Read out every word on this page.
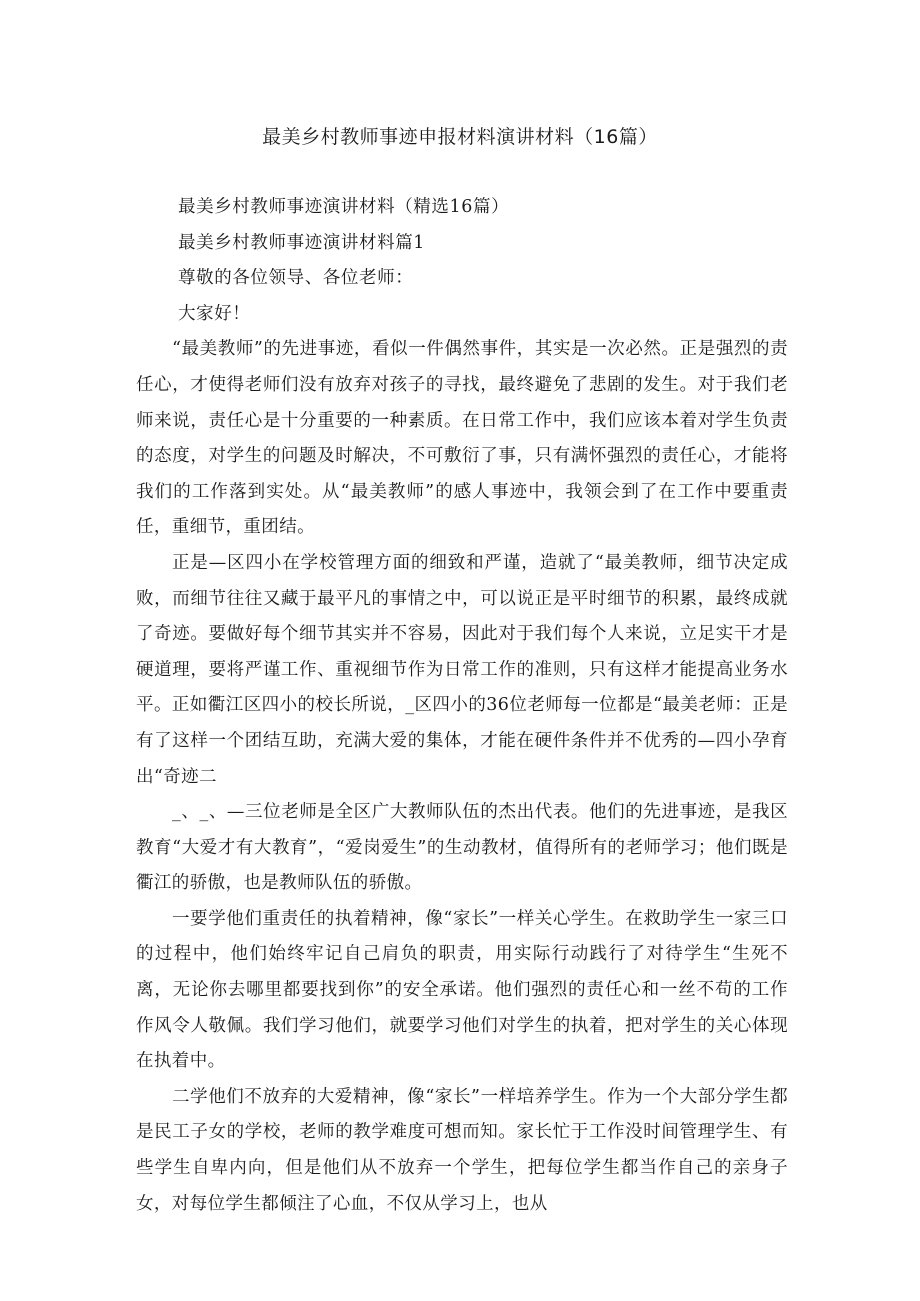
最美乡村教师事迹申报材料演讲材料（16篇）

最美乡村教师事迹演讲材料（精选16篇）

最美乡村教师事迹演讲材料篇1

尊敬的各位领导、各位老师：

大家好！

“最美教师”的先进事迹，看似一件偶然事件，其实是一次必然。正是强烈的责任心，才使得老师们没有放弃对孩子的寻找，最终避免了悲剧的发生。对于我们老师来说，责任心是十分重要的一种素质。在日常工作中，我们应该本着对学生负责的态度，对学生的问题及时解决，不可敷衍了事，只有满怀强烈的责任心，才能将我们的工作落到实处。从“最美教师”的感人事迹中，我领会到了在工作中要重责任，重细节，重团结。

正是—区四小在学校管理方面的细致和严谨，造就了“最美教师，细节决定成败，而细节往往又藏于最平凡的事情之中，可以说正是平时细节的积累，最终成就了奇迹。要做好每个细节其实并不容易，因此对于我们每个人来说，立足实干才是硬道理，要将严谨工作、重视细节作为日常工作的准则，只有这样才能提高业务水平。正如衢江区四小的校长所说，_区四小的36位老师每一位都是“最美老师：正是有了这样一个团结互助，充满大爱的集体，才能在硬件条件并不优秀的—四小孕育出“奇迹二

_、_、—三位老师是全区广大教师队伍的杰出代表。他们的先进事迹，是我区教育“大爱才有大教育”，“爱岗爱生”的生动教材，值得所有的老师学习；他们既是衢江的骄傲，也是教师队伍的骄傲。

一要学他们重责任的执着精神，像“家长”一样关心学生。在救助学生一家三口的过程中，他们始终牢记自己肩负的职责，用实际行动践行了对待学生“生死不离，无论你去哪里都要找到你”的安全承诺。他们强烈的责任心和一丝不苟的工作作风令人敬佩。我们学习他们，就要学习他们对学生的执着，把对学生的关心体现在执着中。

二学他们不放弃的大爱精神，像“家长”一样培养学生。作为一个大部分学生都是民工子女的学校，老师的教学难度可想而知。家长忙于工作没时间管理学生、有些学生自卑内向，但是他们从不放弃一个学生，把每位学生都当作自己的亲身子女，对每位学生都倾注了心血，不仅从学习上，也从
